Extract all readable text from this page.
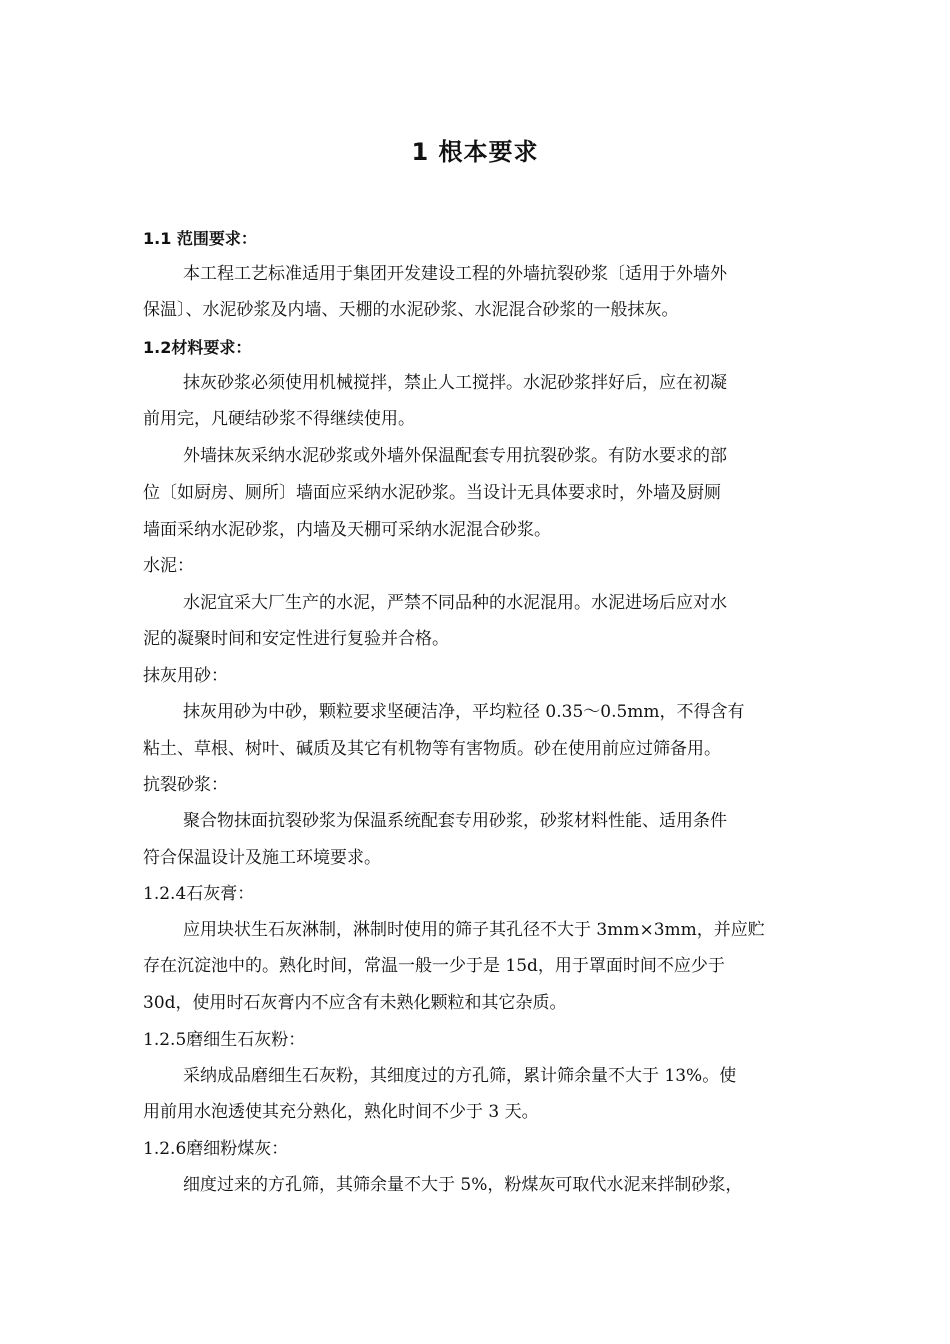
1 根本要求
1.1 范围要求：
本工程工艺标准适用于集团开发建设工程的外墙抗裂砂浆〔适用于外墙外
保温〕、水泥砂浆及内墙、天棚的水泥砂浆、水泥混合砂浆的一般抹灰。
1.2材料要求：
抹灰砂浆必须使用机械搅拌，禁止人工搅拌。水泥砂浆拌好后，应在初凝
前用完，凡硬结砂浆不得继续使用。
外墙抹灰采纳水泥砂浆或外墙外保温配套专用抗裂砂浆。有防水要求的部
位〔如厨房、厕所〕墙面应采纳水泥砂浆。当设计无具体要求时，外墙及厨厕
墙面采纳水泥砂浆，内墙及天棚可采纳水泥混合砂浆。
水泥：
水泥宜采大厂生产的水泥，严禁不同品种的水泥混用。水泥进场后应对水
泥的凝聚时间和安定性进行复验并合格。
抹灰用砂：
抹灰用砂为中砂，颗粒要求坚硬洁净，平均粒径 0.35～0.5mm，不得含有
粘土、草根、树叶、碱质及其它有机物等有害物质。砂在使用前应过筛备用。
抗裂砂浆：
聚合物抹面抗裂砂浆为保温系统配套专用砂浆，砂浆材料性能、适用条件
符合保温设计及施工环境要求。
1.2.4石灰膏：
应用块状生石灰淋制，淋制时使用的筛子其孔径不大于 3mm×3mm，并应贮
存在沉淀池中的。熟化时间，常温一般一少于是 15d，用于罩面时间不应少于
30d，使用时石灰膏内不应含有未熟化颗粒和其它杂质。
1.2.5磨细生石灰粉：
采纳成品磨细生石灰粉，其细度过的方孔筛，累计筛余量不大于 13%。使
用前用水泡透使其充分熟化，熟化时间不少于 3 天。
1.2.6磨细粉煤灰：
细度过来的方孔筛，其筛余量不大于 5%，粉煤灰可取代水泥来拌制砂浆，
